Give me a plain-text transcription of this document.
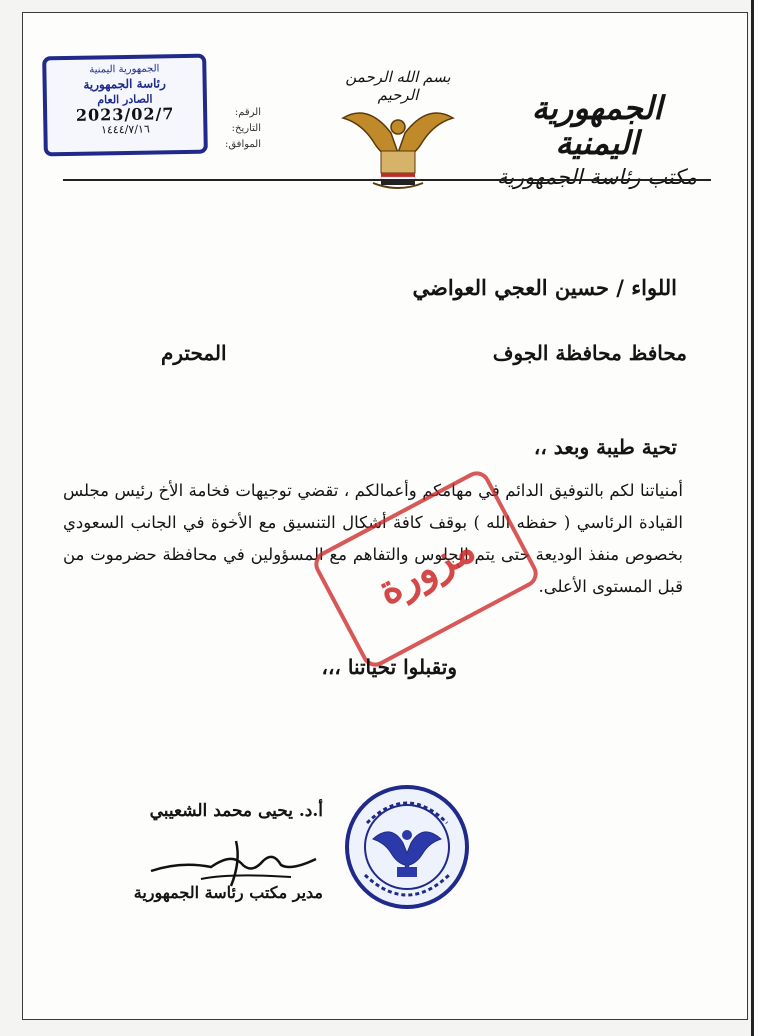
الجمهورية اليمنية
مكتب رئاسة الجمهورية
بسم الله الرحمن الرحيم
الرقم:
التاريخ:
الموافق:
الجمهورية اليمنية
رئاسة الجمهورية
الصادر العام
2023/02/7
١٤٤٤/٧/١٦
اللواء / حسين العجي العواضي
محافظ محافظة الجوف
المحترم
تحية طيبة وبعد ،،
أمنياتنا لكم بالتوفيق الدائم في مهامكم وأعمالكم ، تقضي توجيهات فخامة الأخ رئيس مجلس القيادة الرئاسي ( حفظه الله ) بوقف كافة أشكال التنسيق مع الأخوة في الجانب السعودي بخصوص منفذ الوديعة حتى يتم الجلوس والتفاهم مع المسؤولين في محافظة حضرموت من قبل المستوى الأعلى.
مزورة
وتقبلوا تحياتنا ،،،
أ.د. يحيى محمد الشعيبي
مدير مكتب رئاسة الجمهورية
